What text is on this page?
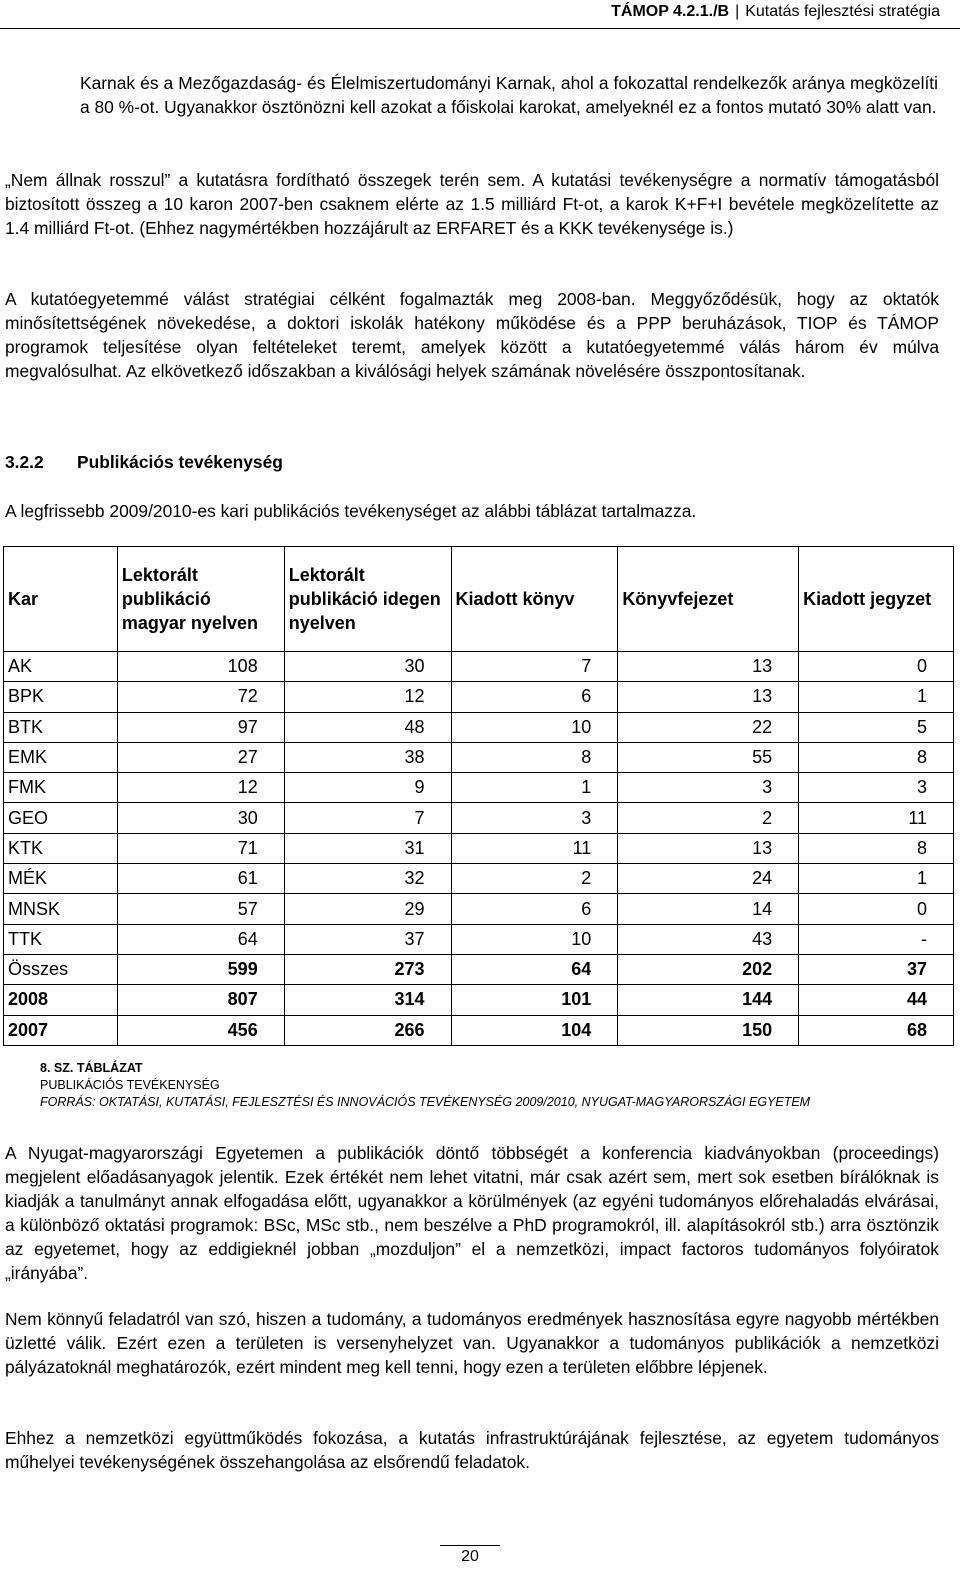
TÁMOP 4.2.1./B | Kutatás fejlesztési stratégia

Karnak és a Mezőgazdaság- és Élelmiszertudományi Karnak, ahol a fokozattal rendelkezők aránya megközelíti a 80 %-ot. Ugyanakkor ösztönözni kell azokat a főiskolai karokat, amelyeknél ez a fontos mutató 30% alatt van.

„Nem állnak rosszul” a kutatásra fordítható összegek terén sem. A kutatási tevékenységre a normatív támogatásból biztosított összeg a 10 karon 2007-ben csaknem elérte az 1.5 milliárd Ft-ot, a karok K+F+I bevétele megközelítette az 1.4 milliárd Ft-ot. (Ehhez nagymértékben hozzájárult az ERFARET és a KKK tevékenysége is.)

A kutatóegyetemmé válást stratégiai célként fogalmazták meg 2008-ban. Meggyőződésük, hogy az oktatók minősítettségének növekedése, a doktori iskolák hatékony működése és a PPP beruházások, TIOP és TÁMOP programok teljesítése olyan feltételeket teremt, amelyek között a kutatóegyetemmé válás három év múlva megvalósulhat. Az elkövetkező időszakban a kiválósági helyek számának növelésére összpontosítanak.

3.2.2 Publikációs tevékenység

A legfrissebb 2009/2010-es kari publikációs tevékenységet az alábbi táblázat tartalmazza.

Kar	Lektorált publikáció magyar nyelven	Lektorált publikáció idegen nyelven	Kiadott könyv	Könyvfejezet	Kiadott jegyzet
AK	108	30	7	13	0
BPK	72	12	6	13	1
BTK	97	48	10	22	5
EMK	27	38	8	55	8
FMK	12	9	1	3	3
GEO	30	7	3	2	11
KTK	71	31	11	13	8
MÉK	61	32	2	24	1
MNSK	57	29	6	14	0
TTK	64	37	10	43	-
Összes	599	273	64	202	37
2008	807	314	101	144	44
2007	456	266	104	150	68
8. SZ. TÁBLÁZAT
PUBLIKÁCIÓS TEVÉKENYSÉG
FORRÁS: OKTATÁSI, KUTATÁSI, FEJLESZTÉSI ÉS INNOVÁCIÓS TEVÉKENYSÉG 2009/2010, NYUGAT-MAGYARORSZÁGI EGYETEM

A Nyugat-magyarországi Egyetemen a publikációk döntő többségét a konferencia kiadványokban (proceedings) megjelent előadásanyagok jelentik. Ezek értékét nem lehet vitatni, már csak azért sem, mert sok esetben bírálóknak is kiadják a tanulmányt annak elfogadása előtt, ugyanakkor a körülmények (az egyéni tudományos előrehaladás elvárásai, a különböző oktatási programok: BSc, MSc stb., nem beszélve a PhD programokról, ill. alapításokról stb.) arra ösztönzik az egyetemet, hogy az eddigieknél jobban „mozduljon” el a nemzetközi, impact factoros tudományos folyóiratok „irányába”.

Nem könnyű feladatról van szó, hiszen a tudomány, a tudományos eredmények hasznosítása egyre nagyobb mértékben üzletté válik. Ezért ezen a területen is versenyhelyzet van. Ugyanakkor a tudományos publikációk a nemzetközi pályázatoknál meghatározók, ezért mindent meg kell tenni, hogy ezen a területen előbbre lépjenek.

Ehhez a nemzetközi együttműködés fokozása, a kutatás infrastruktúrájának fejlesztése, az egyetem tudományos műhelyei tevékenységének összehangolása az elsőrendű feladatok.

20
